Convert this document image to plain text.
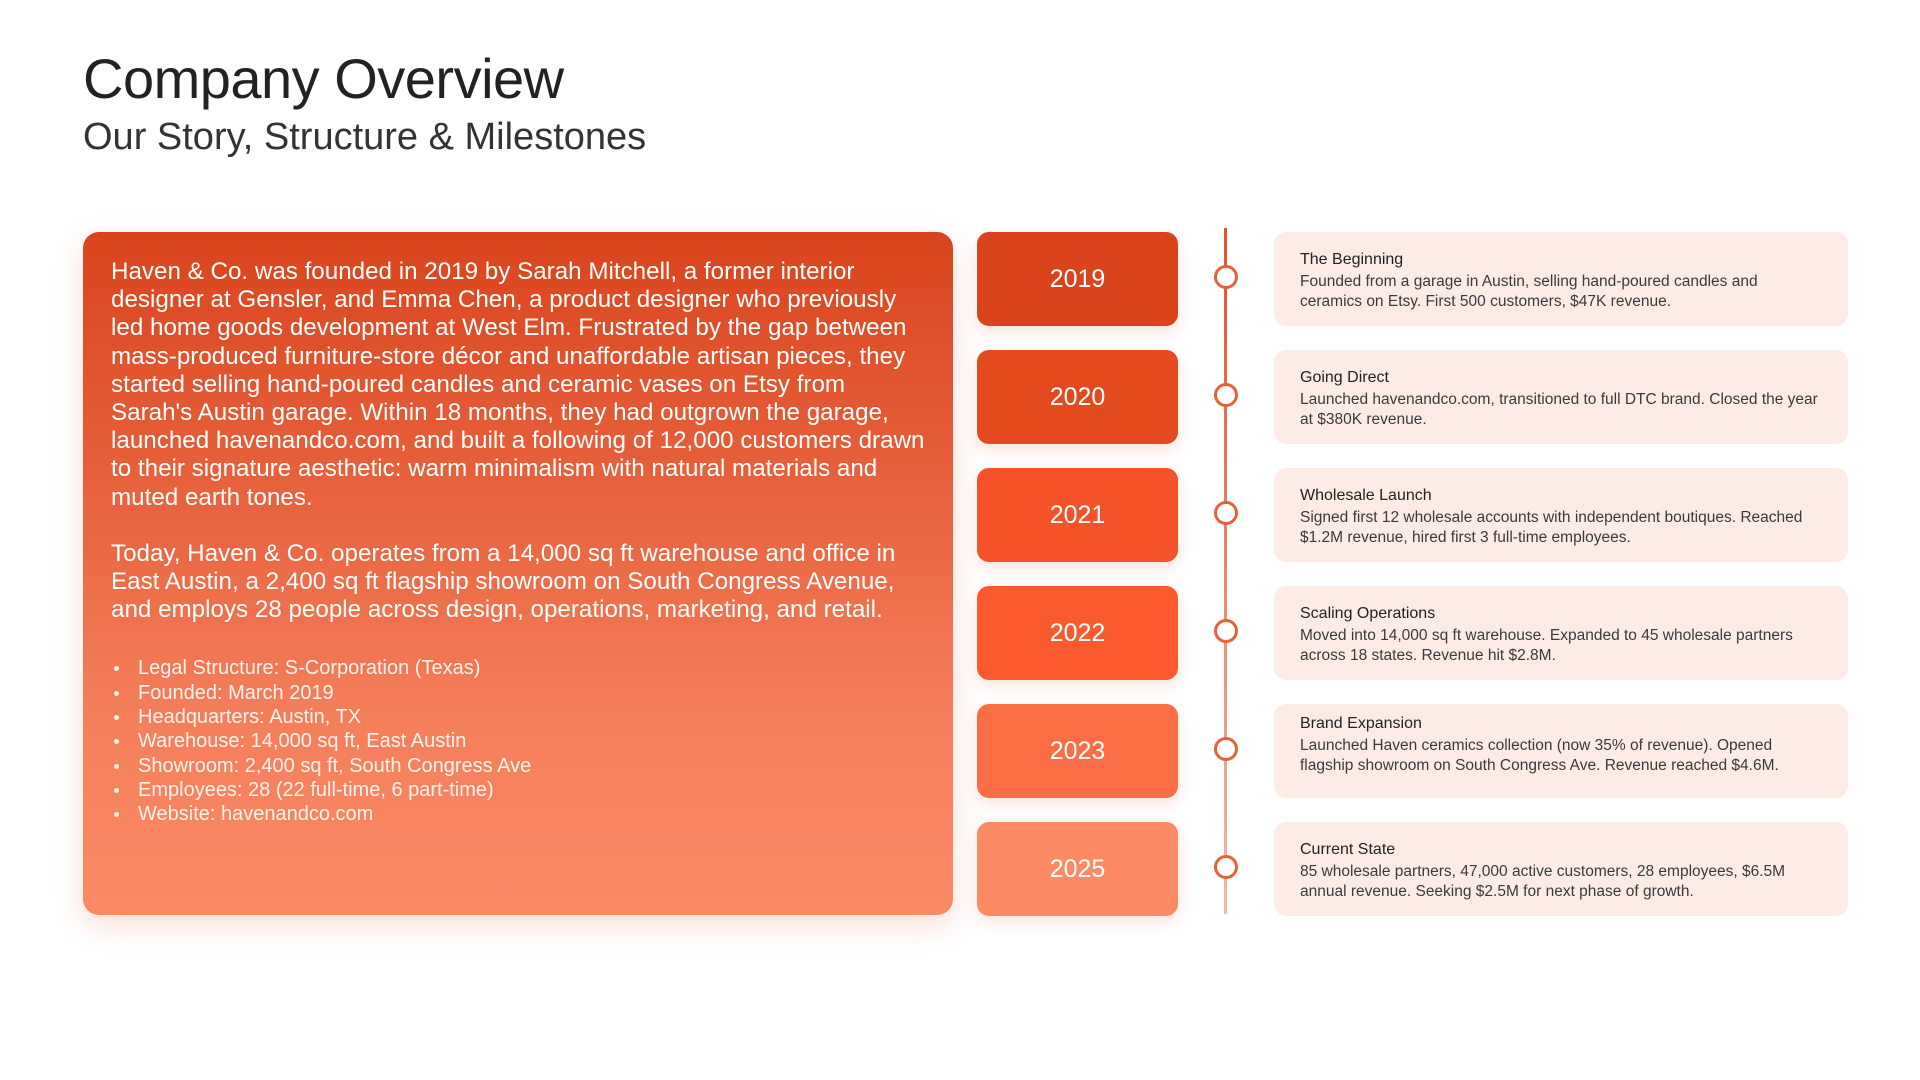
Company Overview
Our Story, Structure & Milestones

Haven & Co. was founded in 2019 by Sarah Mitchell, a former interior designer at Gensler, and Emma Chen, a product designer who previously led home goods development at West Elm. Frustrated by the gap between mass-produced furniture-store décor and unaffordable artisan pieces, they started selling hand-poured candles and ceramic vases on Etsy from Sarah's Austin garage. Within 18 months, they had outgrown the garage, launched havenandco.com, and built a following of 12,000 customers drawn to their signature aesthetic: warm minimalism with natural materials and muted earth tones.

Today, Haven & Co. operates from a 14,000 sq ft warehouse and office in East Austin, a 2,400 sq ft flagship showroom on South Congress Avenue, and employs 28 people across design, operations, marketing, and retail.

Legal Structure: S-Corporation (Texas)
Founded: March 2019
Headquarters: Austin, TX
Warehouse: 14,000 sq ft, East Austin
Showroom: 2,400 sq ft, South Congress Ave
Employees: 28 (22 full-time, 6 part-time)
Website: havenandco.com
2019

The Beginning

Founded from a garage in Austin, selling hand-poured candles and ceramics on Etsy. First 500 customers, $47K revenue.

2020

Going Direct

Launched havenandco.com, transitioned to full DTC brand. Closed the year at $380K revenue.

2021

Wholesale Launch

Signed first 12 wholesale accounts with independent boutiques. Reached $1.2M revenue, hired first 3 full-time employees.

2022

Scaling Operations

Moved into 14,000 sq ft warehouse. Expanded to 45 wholesale partners across 18 states. Revenue hit $2.8M.

2023

Brand Expansion

Launched Haven ceramics collection (now 35% of revenue). Opened flagship showroom on South Congress Ave. Revenue reached $4.6M.

2025

Current State

85 wholesale partners, 47,000 active customers, 28 employees, $6.5M annual revenue. Seeking $2.5M for next phase of growth.
